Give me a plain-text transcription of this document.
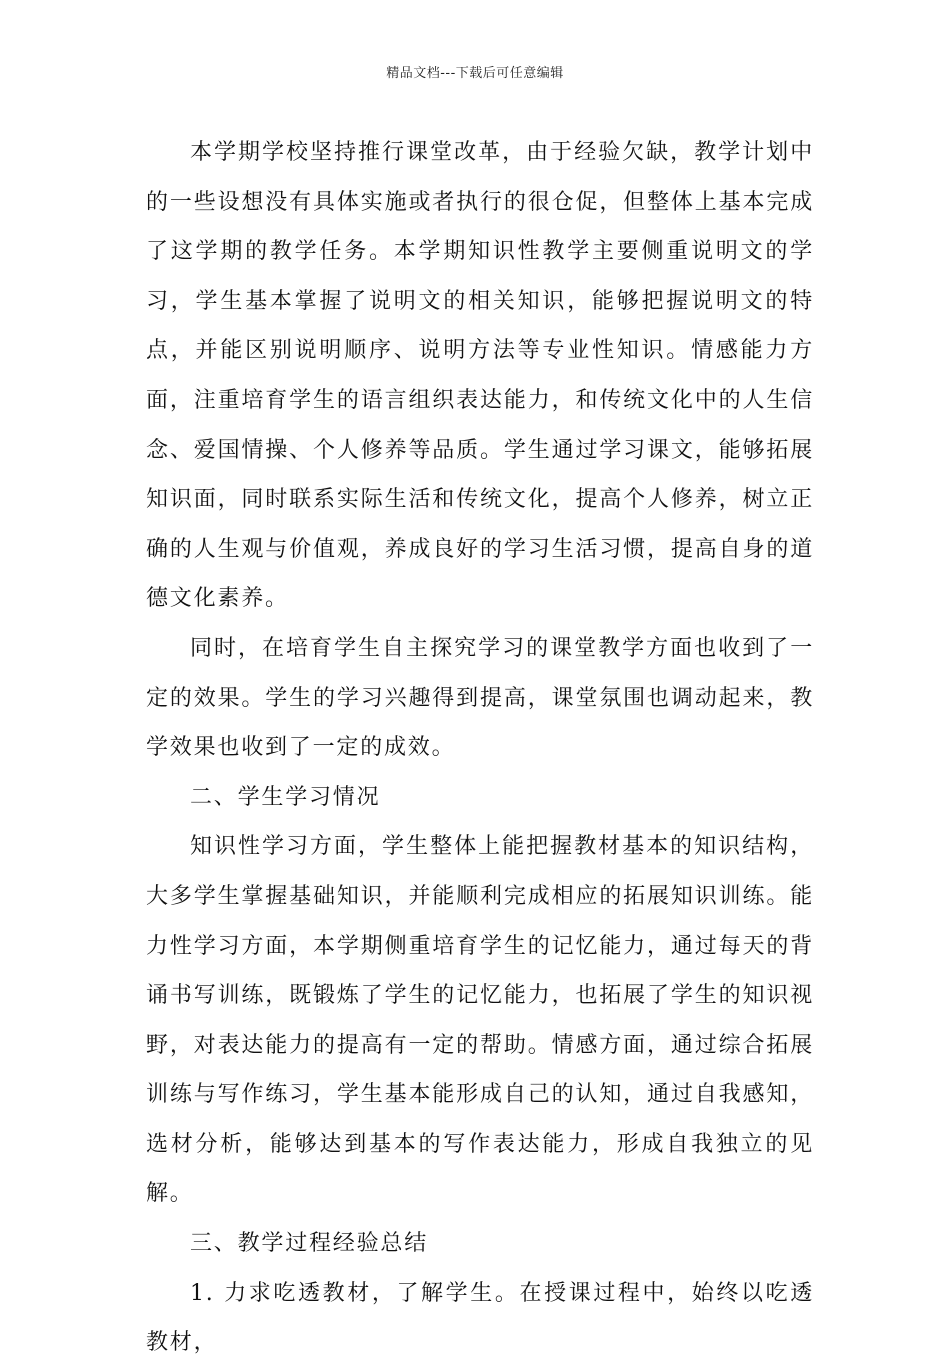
精品文档---下载后可任意编辑

本学期学校坚持推行课堂改革，由于经验欠缺，教学计划中的一些设想没有具体实施或者执行的很仓促，但整体上基本完成了这学期的教学任务。本学期知识性教学主要侧重说明文的学习，学生基本掌握了说明文的相关知识，能够把握说明文的特点，并能区别说明顺序、说明方法等专业性知识。情感能力方面，注重培育学生的语言组织表达能力，和传统文化中的人生信念、爱国情操、个人修养等品质。学生通过学习课文，能够拓展知识面，同时联系实际生活和传统文化，提高个人修养，树立正确的人生观与价值观，养成良好的学习生活习惯，提高自身的道德文化素养。

同时，在培育学生自主探究学习的课堂教学方面也收到了一定的效果。学生的学习兴趣得到提高，课堂氛围也调动起来，教学效果也收到了一定的成效。

二、学生学习情况

知识性学习方面，学生整体上能把握教材基本的知识结构，大多学生掌握基础知识，并能顺利完成相应的拓展知识训练。能力性学习方面，本学期侧重培育学生的记忆能力，通过每天的背诵书写训练，既锻炼了学生的记忆能力，也拓展了学生的知识视野，对表达能力的提高有一定的帮助。情感方面，通过综合拓展训练与写作练习，学生基本能形成自己的认知，通过自我感知，选材分析，能够达到基本的写作表达能力，形成自我独立的见解。

三、教学过程经验总结

1. 力求吃透教材，了解学生。在授课过程中，始终以吃透教材，
